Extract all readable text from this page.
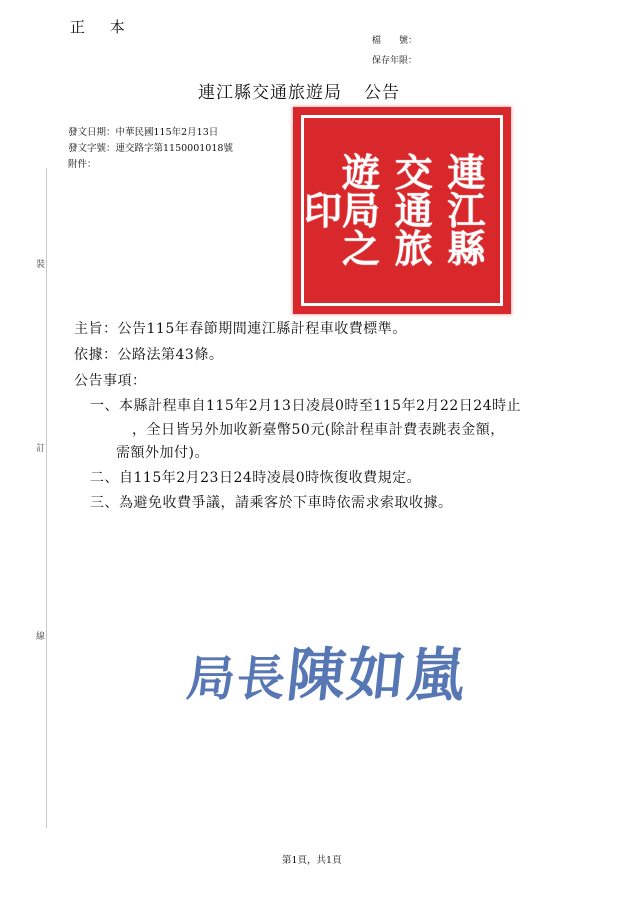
正 本
檔　　號：
保存年限：
連江縣交通旅遊局 公告
發文日期：中華民國115年2月13日
發文字號：連交路字第1150001018號
附件：
裝
訂
線
連江縣
交通旅
遊局之
印
主旨：公告115年春節期間連江縣計程車收費標準。
依據：公路法第43條。
公告事項：
一、本縣計程車自115年2月13日凌晨0時至115年2月22日24時止
，全日皆另外加收新臺幣50元(除計程車計費表跳表金額，
需額外加付)。
二、自115年2月23日24時凌晨0時恢復收費規定。
三、為避免收費爭議，請乘客於下車時依需求索取收據。
局長陳如嵐
第1頁，共1頁
